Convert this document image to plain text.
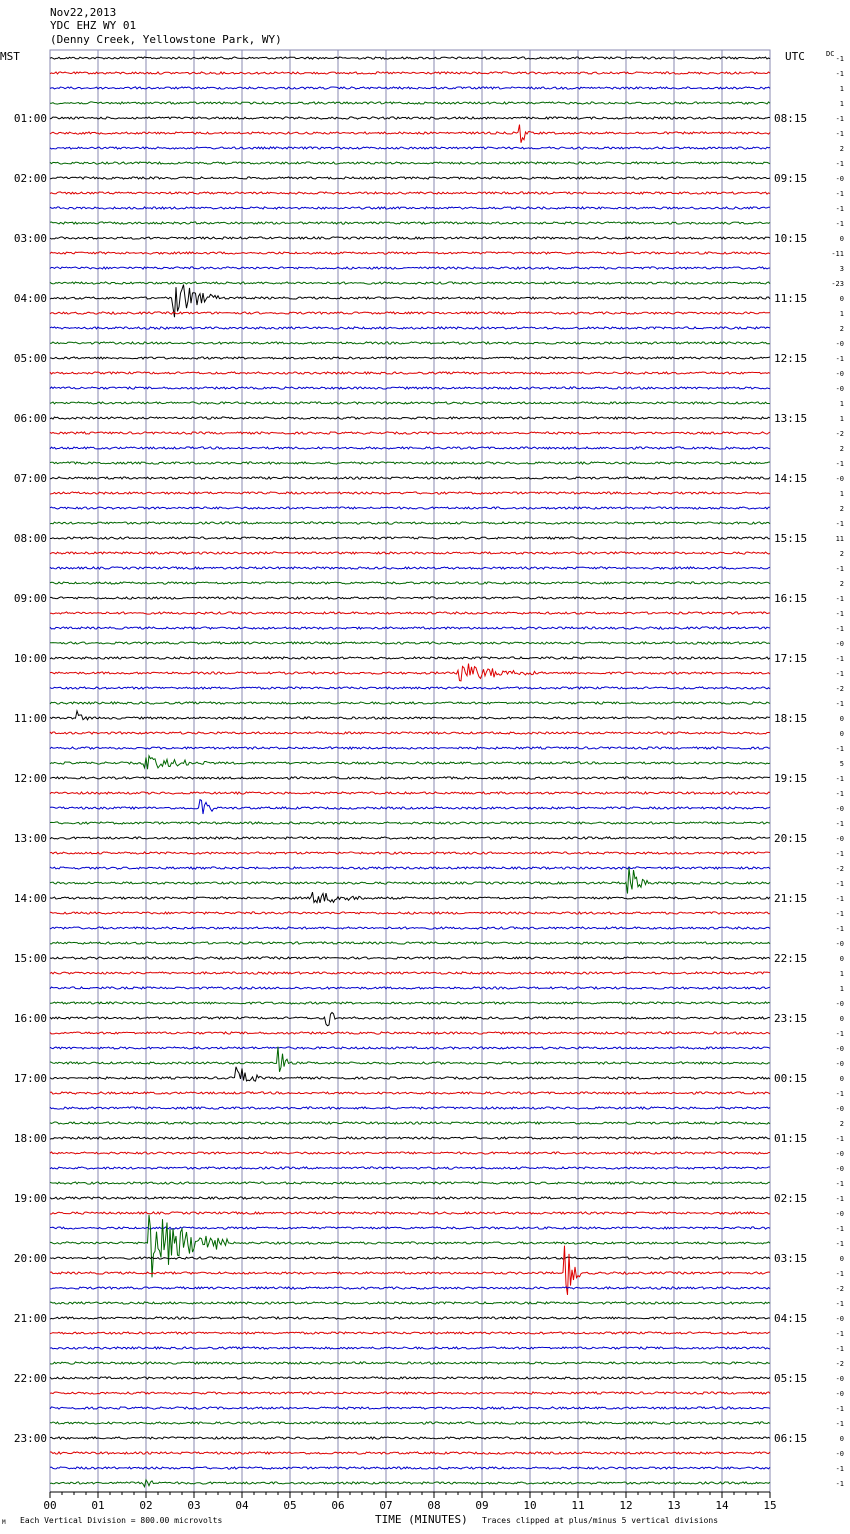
Nov22,2013
YDC EHZ WY 01
(Denny Creek, Yellowstone Park, WY)
MST	UTC	DC
00	01	02	03	04	05	06	07	08	09	10	11	12	13	14	15
-1
-1
1
1
-1
01:00	08:15
-1
2
-1
-0
02:00	09:15
-1
-1
-1
0
03:00	10:15
-11
3
-23
0
04:00	11:15
1
2
-0
-1
05:00	12:15
-0
-0
1
1
06:00	13:15
-2
2
-1
-0
07:00	14:15
1
2
-1
11
08:00	15:15
2
-1
2
-1
09:00	16:15
-1
-1
-0
-1
10:00	17:15
-1
-2
-1
0
11:00	18:15
0
-1
5
-1
12:00	19:15
-1
-0
-1
-0
13:00	20:15
-1
-2
-1
-1
14:00	21:15
-1
-1
-0
0
15:00	22:15
1
1
-0
0
16:00	23:15
-1
-0
-0
0
17:00	00:15
-1
-0
2
-1
18:00	01:15
-0
-0
-1
-1
19:00	02:15
-0
-1
-1
0
20:00	03:15
-1
-2
-1
-0
21:00	04:15
-1
-1
-2
-0
22:00	05:15
-0
-1
-1
0
23:00	06:15
-0
-1
-1
M Each Vertical Division = 800.00 microvolts	TIME (MINUTES) Traces clipped at plus/minus 5 vertical divisions
